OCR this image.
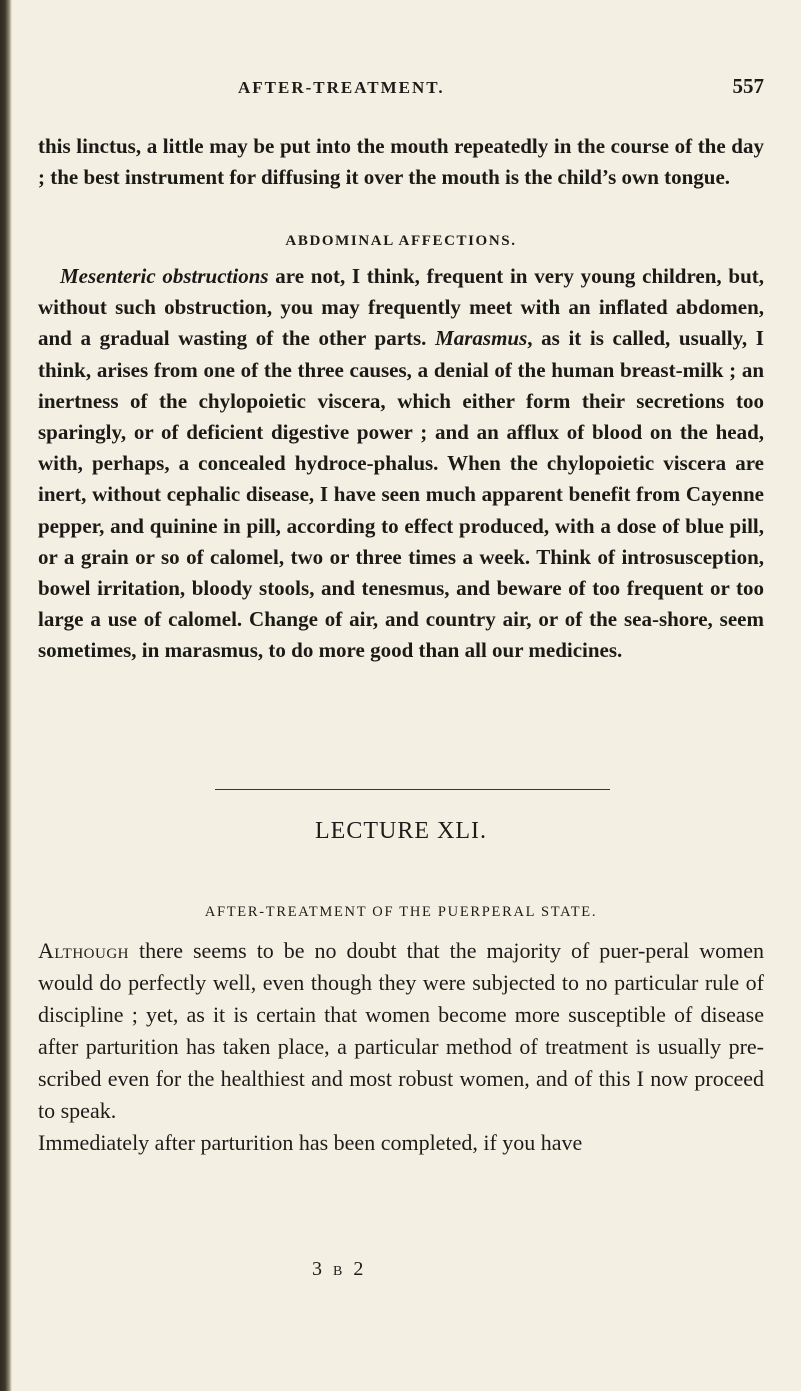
AFTER-TREATMENT.	557

this linctus, a little may be put into the mouth repeatedly in the course of the day ; the best instrument for diffusing it over the mouth is the child’s own tongue.

ABDOMINAL AFFECTIONS.

Mesenteric obstructions are not, I think, frequent in very young children, but, without such obstruction, you may frequently meet with an inflated abdomen, and a gradual wasting of the other parts. Marasmus, as it is called, usually, I think, arises from one of the three causes, a denial of the human breast-milk ; an inertness of the chylopoietic viscera, which either form their secretions too sparingly, or of deficient digestive power ; and an afflux of blood on the head, with, perhaps, a concealed hydroce-phalus. When the chylopoietic viscera are inert, without cephalic disease, I have seen much apparent benefit from Cayenne pepper, and quinine in pill, according to effect produced, with a dose of blue pill, or a grain or so of calomel, two or three times a week. Think of introsusception, bowel irritation, bloody stools, and tenesmus, and beware of too frequent or too large a use of calomel. Change of air, and country air, or of the sea-shore, seem sometimes, in marasmus, to do more good than all our medicines.

LECTURE XLI.
AFTER-TREATMENT OF THE PUERPERAL STATE.

Although there seems to be no doubt that the majority of puer-peral women would do perfectly well, even though they were subjected to no particular rule of discipline ; yet, as it is certain that women become more susceptible of disease after parturition has taken place, a particular method of treatment is usually pre-scribed even for the healthiest and most robust women, and of this I now proceed to speak.

Immediately after parturition has been completed, if you have

3 B 2
